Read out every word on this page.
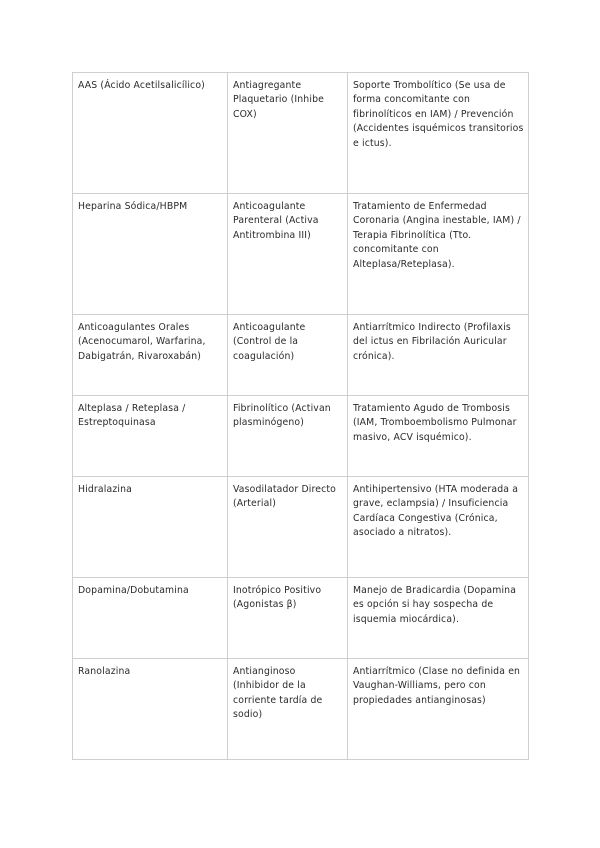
AAS (Ácido Acetilsalicílico)	Antiagregante Plaquetario (Inhibe COX)	Soporte Trombolítico (Se usa de forma concomitante con fibrinolíticos en IAM) / Prevención (Accidentes isquémicos transitorios e ictus).
Heparina Sódica/HBPM	Anticoagulante Parenteral (Activa Antitrombina III)	Tratamiento de Enfermedad Coronaria (Angina inestable, IAM) / Terapia Fibrinolítica (Tto. concomitante con Alteplasa/Reteplasa).
Anticoagulantes Orales (Acenocumarol, Warfarina, Dabigatrán, Rivaroxabán)	Anticoagulante (Control de la coagulación)	Antiarrítmico Indirecto (Profilaxis del ictus en Fibrilación Auricular crónica).
Alteplasa / Reteplasa / Estreptoquinasa	Fibrinolítico (Activan plasminógeno)	Tratamiento Agudo de Trombosis (IAM, Tromboembolismo Pulmonar masivo, ACV isquémico).
Hidralazina	Vasodilatador Directo (Arterial)	Antihipertensivo (HTA moderada a grave, eclampsia) / Insuficiencia Cardíaca Congestiva (Crónica, asociado a nitratos).
Dopamina/Dobutamina	Inotrópico Positivo (Agonistas β)	Manejo de Bradicardia (Dopamina es opción si hay sospecha de isquemia miocárdica).
Ranolazina	Antianginoso (Inhibidor de la corriente tardía de sodio)	Antiarrítmico (Clase no definida en Vaughan-Williams, pero con propiedades antianginosas)
